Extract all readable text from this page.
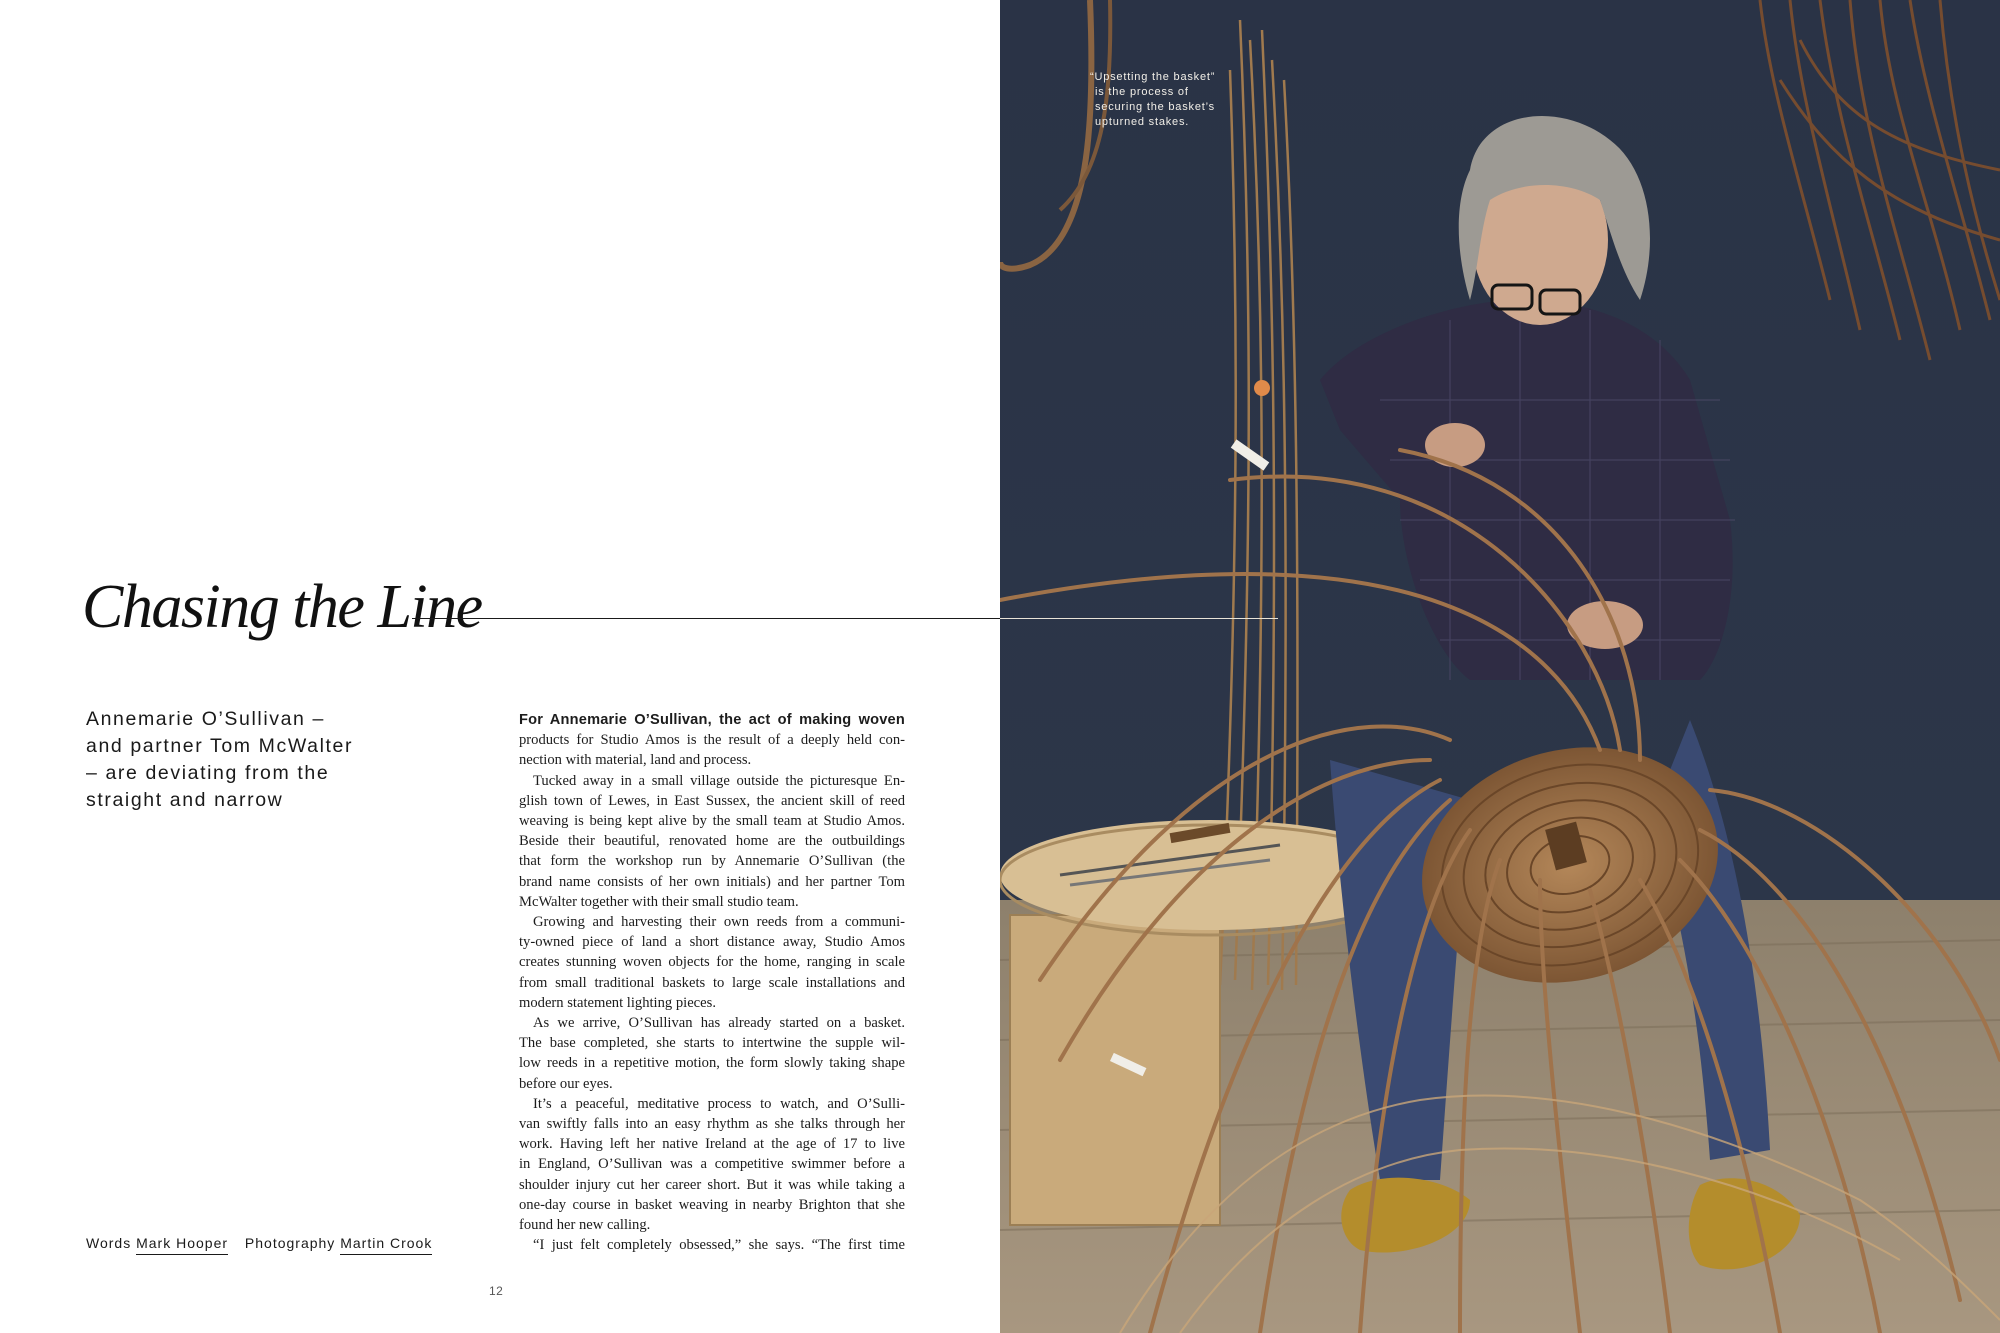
Chasing the Line
Annemarie O’Sullivan –
and partner Tom McWalter
– are deviating from the
straight and narrow
For Annemarie O’Sullivan, the act of making woven
products for Studio Amos is the result of a deeply held con-
nection with material, land and process.
Tucked away in a small village outside the picturesque En-
glish town of Lewes, in East Sussex, the ancient skill of reed
weaving is being kept alive by the small team at Studio Amos.
Beside their beautiful, renovated home are the outbuildings
that form the workshop run by Annemarie O’Sullivan (the
brand name consists of her own initials) and her partner Tom
McWalter together with their small studio team.
Growing and harvesting their own reeds from a communi-
ty-owned piece of land a short distance away, Studio Amos
creates stunning woven objects for the home, ranging in scale
from small traditional baskets to large scale installations and
modern statement lighting pieces.
As we arrive, O’Sullivan has already started on a basket.
The base completed, she starts to intertwine the supple wil-
low reeds in a repetitive motion, the form slowly taking shape
before our eyes.
It’s a peaceful, meditative process to watch, and O’Sulli-
van swiftly falls into an easy rhythm as she talks through her
work. Having left her native Ireland at the age of 17 to live
in England, O’Sullivan was a competitive swimmer before a
shoulder injury cut her career short. But it was while taking a
one-day course in basket weaving in nearby Brighton that she
found her new calling.
“I just felt completely obsessed,” she says. “The first time
Words Mark Hooper Photography Martin Crook
12
“Upsetting the basket”
is the process of
securing the basket’s
upturned stakes.
